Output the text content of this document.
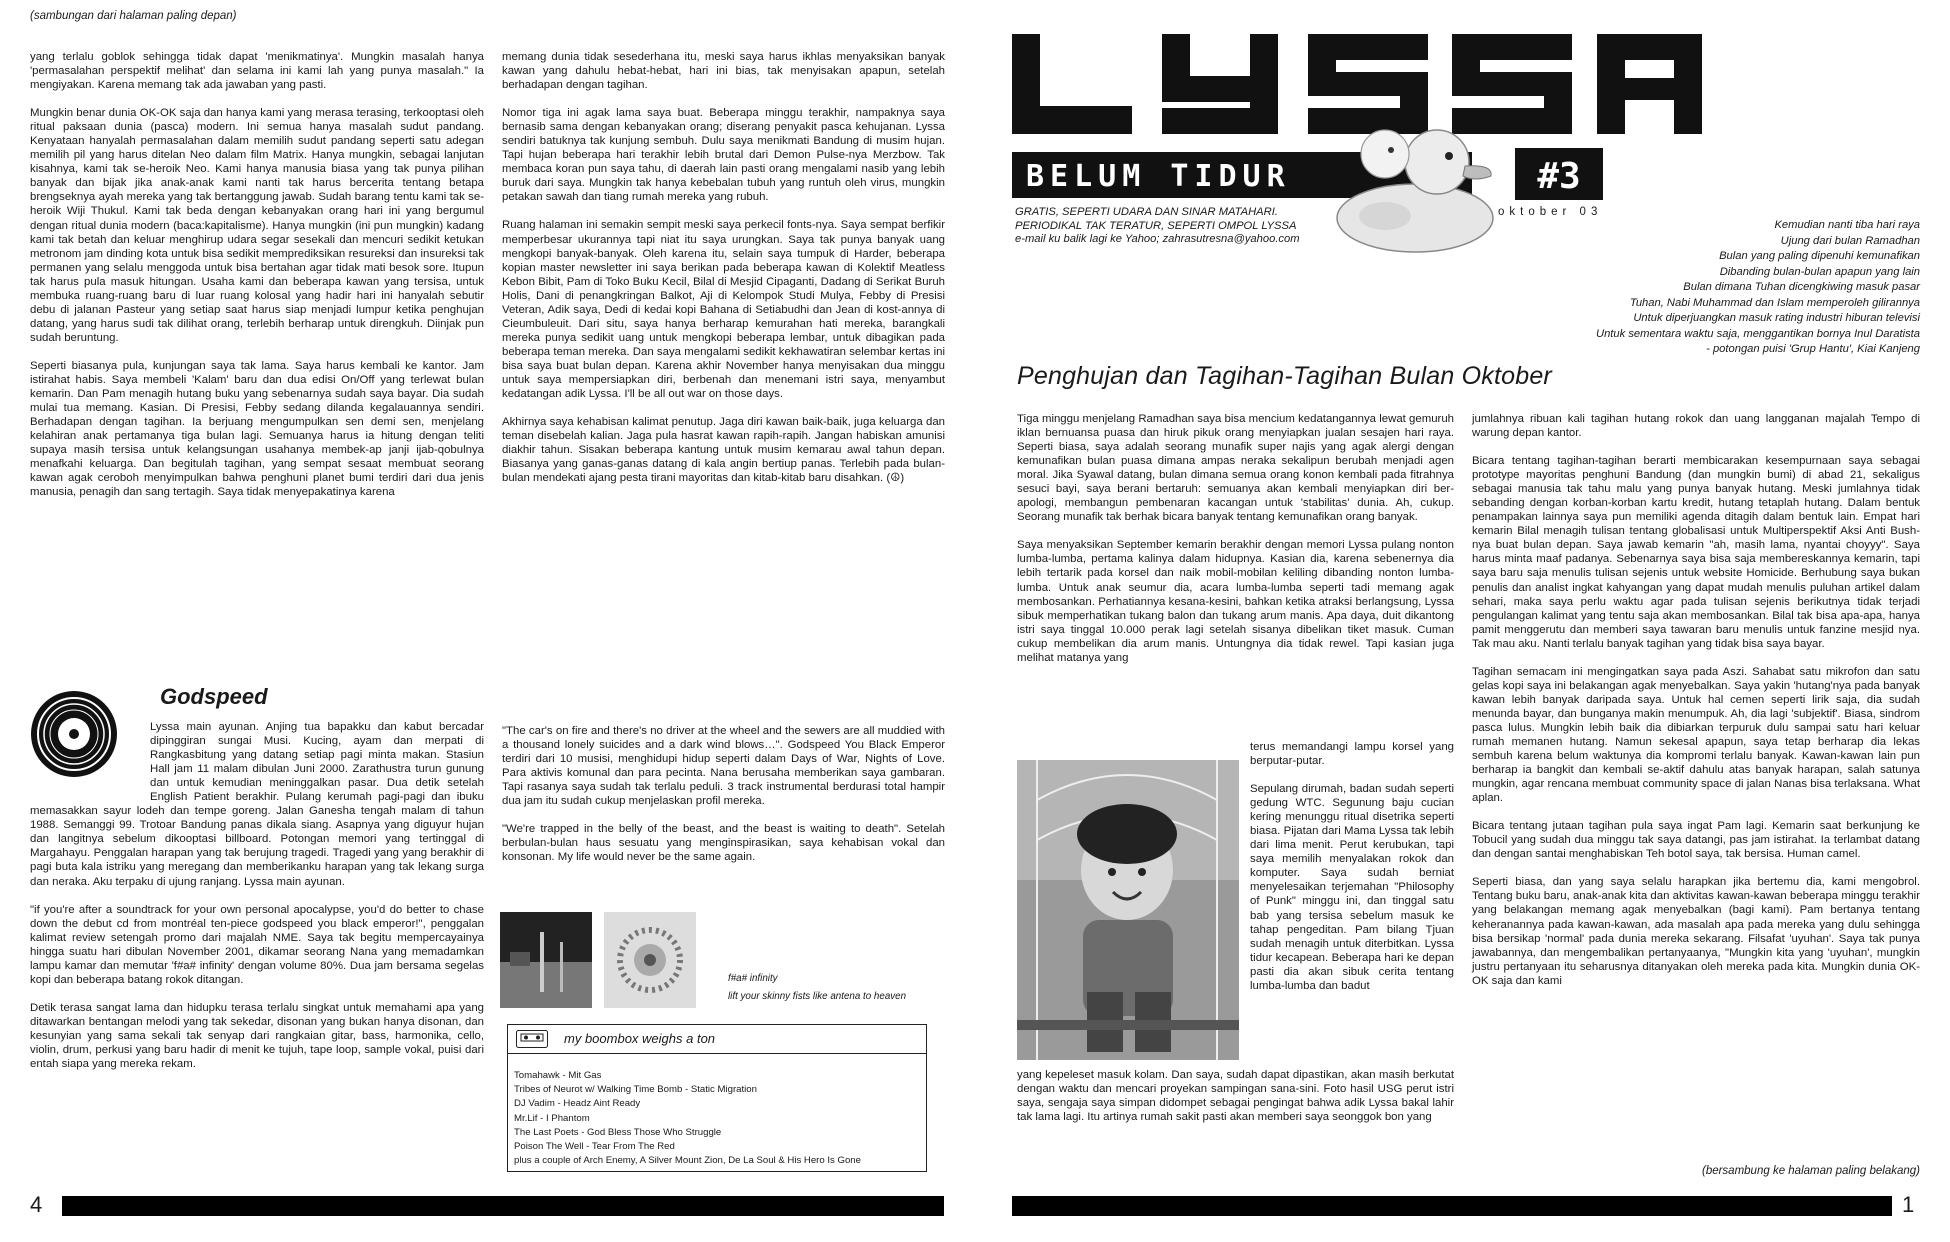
(sambungan dari halaman paling depan)

yang terlalu goblok sehingga tidak dapat 'menikmatinya'. Mungkin masalah hanya 'permasalahan perspektif melihat' dan selama ini kami lah yang punya masalah." Ia mengiyakan. Karena memang tak ada jawaban yang pasti.

Mungkin benar dunia OK-OK saja dan hanya kami yang merasa terasing, terkooptasi oleh ritual paksaan dunia (pasca) modern. Ini semua hanya masalah sudut pandang. Kenyataan hanyalah permasalahan dalam memilih sudut pandang seperti satu adegan memilih pil yang harus ditelan Neo dalam film Matrix. Hanya mungkin, sebagai lanjutan kisahnya, kami tak se-heroik Neo. Kami hanya manusia biasa yang tak punya pilihan banyak dan bijak jika anak-anak kami nanti tak harus bercerita tentang betapa brengseknya ayah mereka yang tak bertanggung jawab. Sudah barang tentu kami tak se-heroik Wiji Thukul. Kami tak beda dengan kebanyakan orang hari ini yang bergumul dengan ritual dunia modern (baca:kapitalisme). Hanya mungkin (ini pun mungkin) kadang kami tak betah dan keluar menghirup udara segar sesekali dan mencuri sedikit ketukan metronom jam dinding kota untuk bisa sedikit memprediksikan resureksi dan insureksi tak permanen yang selalu menggoda untuk bisa bertahan agar tidak mati besok sore. Itupun tak harus pula masuk hitungan. Usaha kami dan beberapa kawan yang tersisa, untuk membuka ruang-ruang baru di luar ruang kolosal yang hadir hari ini hanyalah sebutir debu di jalanan Pasteur yang setiap saat harus siap menjadi lumpur ketika penghujan datang, yang harus sudi tak dilihat orang, terlebih berharap untuk direngkuh. Diinjak pun sudah beruntung.

Seperti biasanya pula, kunjungan saya tak lama. Saya harus kembali ke kantor. Jam istirahat habis. Saya membeli 'Kalam' baru dan dua edisi On/Off yang terlewat bulan kemarin. Dan Pam menagih hutang buku yang sebenarnya sudah saya bayar. Dia sudah mulai tua memang. Kasian. Di Presisi, Febby sedang dilanda kegalauannya sendiri. Berhadapan dengan tagihan. Ia berjuang mengumpulkan sen demi sen, menjelang kelahiran anak pertamanya tiga bulan lagi. Semuanya harus ia hitung dengan teliti supaya masih tersisa untuk kelangsungan usahanya membek-ap janji ijab-qobulnya menafkahi keluarga. Dan begitulah tagihan, yang sempat sesaat membuat seorang kawan agak ceroboh menyimpulkan bahwa penghuni planet bumi terdiri dari dua jenis manusia, penagih dan sang tertagih. Saya tidak menyepakatinya karena

memang dunia tidak sesederhana itu, meski saya harus ikhlas menyaksikan banyak kawan yang dahulu hebat-hebat, hari ini bias, tak menyisakan apapun, setelah berhadapan dengan tagihan.

Nomor tiga ini agak lama saya buat. Beberapa minggu terakhir, nampaknya saya bernasib sama dengan kebanyakan orang; diserang penyakit pasca kehujanan. Lyssa sendiri batuknya tak kunjung sembuh. Dulu saya menikmati Bandung di musim hujan. Tapi hujan beberapa hari terakhir lebih brutal dari Demon Pulse-nya Merzbow. Tak membaca koran pun saya tahu, di daerah lain pasti orang mengalami nasib yang lebih buruk dari saya. Mungkin tak hanya kebebalan tubuh yang runtuh oleh virus, mungkin petakan sawah dan tiang rumah mereka yang rubuh.

Ruang halaman ini semakin sempit meski saya perkecil fonts-nya. Saya sempat berfikir memperbesar ukurannya tapi niat itu saya urungkan. Saya tak punya banyak uang mengkopi banyak-banyak. Oleh karena itu, selain saya tumpuk di Harder, beberapa kopian master newsletter ini saya berikan pada beberapa kawan di Kolektif Meatless Kebon Bibit, Pam di Toko Buku Kecil, Bilal di Mesjid Cipaganti, Dadang di Serikat Buruh Holis, Dani di penangkringan Balkot, Aji di Kelompok Studi Mulya, Febby di Presisi Veteran, Adik saya, Dedi di kedai kopi Bahana di Setiabudhi dan Jean di kost-annya di Cieumbuleuit. Dari situ, saya hanya berharap kemurahan hati mereka, barangkali mereka punya sedikit uang untuk mengkopi beberapa lembar, untuk dibagikan pada beberapa teman mereka. Dan saya mengalami sedikit kekhawatiran selembar kertas ini bisa saya buat bulan depan. Karena akhir November hanya menyisakan dua minggu untuk saya mempersiapkan diri, berbenah dan menemani istri saya, menyambut kedatangan adik Lyssa. I'll be all out war on those days.

Akhirnya saya kehabisan kalimat penutup. Jaga diri kawan baik-baik, juga keluarga dan teman disebelah kalian. Jaga pula hasrat kawan rapih-rapih. Jangan habiskan amunisi diakhir tahun. Sisakan beberapa kantung untuk musim kemarau awal tahun depan. Biasanya yang ganas-ganas datang di kala angin bertiup panas. Terlebih pada bulan-bulan mendekati ajang pesta tirani mayoritas dan kitab-kitab baru disahkan. (☮)

Godspeed

Lyssa main ayunan. Anjing tua bapakku dan kabut bercadar dipinggiran sungai Musi. Kucing, ayam dan merpati di Rangkasbitung yang datang setiap pagi minta makan. Stasiun Hall jam 11 malam dibulan Juni 2000. Zarathustra turun gunung dan untuk kemudian meninggalkan pasar. Dua detik setelah English Patient berakhir. Pulang kerumah pagi-pagi dan ibuku memasakkan sayur lodeh dan tempe goreng. Jalan Ganesha tengah malam di tahun 1988. Semanggi 99. Trotoar Bandung panas dikala siang. Asapnya yang diguyur hujan dan langitnya sebelum dikooptasi billboard. Potongan memori yang tertinggal di Margahayu. Penggalan harapan yang tak berujung tragedi. Tragedi yang yang berakhir di pagi buta kala istriku yang meregang dan memberikanku harapan yang tak lekang surga dan neraka. Aku terpaku di ujung ranjang. Lyssa main ayunan.

"if you're after a soundtrack for your own personal apocalypse, you'd do better to chase down the debut cd from montréal ten-piece godspeed you black emperor!", penggalan kalimat review setengah promo dari majalah NME. Saya tak begitu mempercayainya hingga suatu hari dibulan November 2001, dikamar seorang Nana yang memadamkan lampu kamar dan memutar 'f#a# infinity' dengan volume 80%. Dua jam bersama segelas kopi dan beberapa batang rokok ditangan.

Detik terasa sangat lama dan hidupku terasa terlalu singkat untuk memahami apa yang ditawarkan bentangan melodi yang tak sekedar, disonan yang bukan hanya disonan, dan kesunyian yang sama sekali tak senyap dari rangkaian gitar, bass, harmonika, cello, violin, drum, perkusi yang baru hadir di menit ke tujuh, tape loop, sample vokal, puisi dari entah siapa yang mereka rekam.

"The car's on fire and there's no driver at the wheel and the sewers are all muddied with a thousand lonely suicides and a dark wind blows…". Godspeed You Black Emperor terdiri dari 10 musisi, menghidupi hidup seperti dalam Days of War, Nights of Love. Para aktivis komunal dan para pecinta. Nana berusaha memberikan saya gambaran. Tapi rasanya saya sudah tak terlalu peduli. 3 track instrumental berdurasi total hampir dua jam itu sudah cukup menjelaskan profil mereka.

"We're trapped in the belly of the beast, and the beast is waiting to death". Setelah berbulan-bulan haus sesuatu yang menginspirasikan, saya kehabisan vokal dan konsonan. My life would never be the same again.

f#a# infinity
lift your skinny fists like antena to heaven
my boombox weighs a ton
Tomahawk - Mit Gas
Tribes of Neurot w/ Walking Time Bomb - Static Migration
DJ Vadim - Headz Aint Ready
Mr.Lif - I Phantom
The Last Poets - God Bless Those Who Struggle
Poison The Well - Tear From The Red
plus a couple of Arch Enemy, A Silver Mount Zion, De La Soul & His Hero Is Gone
4
BELUM TIDUR	#3
GRATIS, SEPERTI UDARA DAN SINAR MATAHARI.
PERIODIKAL TAK TERATUR, SEPERTI OMPOL LYSSA
e-mail ku balik lagi ke Yahoo; zahrasutresna@yahoo.com
oktober 03
Kemudian nanti tiba hari raya
Ujung dari bulan Ramadhan
Bulan yang paling dipenuhi kemunafikan
Dibanding bulan-bulan apapun yang lain
Bulan dimana Tuhan dicengkiwing masuk pasar
Tuhan, Nabi Muhammad dan Islam memperoleh gilirannya
Untuk diperjuangkan masuk rating industri hiburan televisi
Untuk sementara waktu saja, menggantikan bornya Inul Daratista
- potongan puisi 'Grup Hantu', Kiai Kanjeng
Penghujan dan Tagihan-Tagihan Bulan Oktober

Tiga minggu menjelang Ramadhan saya bisa mencium kedatangannya lewat gemuruh iklan bernuansa puasa dan hiruk pikuk orang menyiapkan jualan sesajen hari raya. Seperti biasa, saya adalah seorang munafik super najis yang agak alergi dengan kemunafikan bulan puasa dimana ampas neraka sekalipun berubah menjadi agen moral. Jika Syawal datang, bulan dimana semua orang konon kembali pada fitrahnya sesuci bayi, saya berani bertaruh: semuanya akan kembali menyiapkan diri ber-apologi, membangun pembenaran kacangan untuk 'stabilitas' dunia. Ah, cukup. Seorang munafik tak berhak bicara banyak tentang kemunafikan orang banyak.

Saya menyaksikan September kemarin berakhir dengan memori Lyssa pulang nonton lumba-lumba, pertama kalinya dalam hidupnya. Kasian dia, karena sebenernya dia lebih tertarik pada korsel dan naik mobil-mobilan keliling dibanding nonton lumba-lumba. Untuk anak seumur dia, acara lumba-lumba seperti tadi memang agak membosankan. Perhatiannya kesana-kesini, bahkan ketika atraksi berlangsung, Lyssa sibuk memperhatikan tukang balon dan tukang arum manis. Apa daya, duit dikantong istri saya tinggal 10.000 perak lagi setelah sisanya dibelikan tiket masuk. Cuman cukup membelikan dia arum manis. Untungnya dia tidak rewel. Tapi kasian juga melihat matanya yang

terus memandangi lampu korsel yang berputar-putar.

Sepulang dirumah, badan sudah seperti gedung WTC. Segunung baju cucian kering menunggu ritual disetrika seperti biasa. Pijatan dari Mama Lyssa tak lebih dari lima menit. Perut kerubukan, tapi saya memilih menyalakan rokok dan komputer. Saya sudah berniat menyelesaikan terjemahan "Philosophy of Punk" minggu ini, dan tinggal satu bab yang tersisa sebelum masuk ke tahap pengeditan. Pam bilang Tjuan sudah menagih untuk diterbitkan. Lyssa tidur kecapean. Beberapa hari ke depan pasti dia akan sibuk cerita tentang lumba-lumba dan badut

yang kepeleset masuk kolam. Dan saya, sudah dapat dipastikan, akan masih berkutat dengan waktu dan mencari proyekan sampingan sana-sini. Foto hasil USG perut istri saya, sengaja saya simpan didompet sebagai pengingat bahwa adik Lyssa bakal lahir tak lama lagi. Itu artinya rumah sakit pasti akan memberi saya seonggok bon yang

jumlahnya ribuan kali tagihan hutang rokok dan uang langganan majalah Tempo di warung depan kantor.

Bicara tentang tagihan-tagihan berarti membicarakan kesempurnaan saya sebagai prototype mayoritas penghuni Bandung (dan mungkin bumi) di abad 21, sekaligus sebagai manusia tak tahu malu yang punya banyak hutang. Meski jumlahnya tidak sebanding dengan korban-korban kartu kredit, hutang tetaplah hutang. Dalam bentuk penampakan lainnya saya pun memiliki agenda ditagih dalam bentuk lain. Empat hari kemarin Bilal menagih tulisan tentang globalisasi untuk Multiperspektif Aksi Anti Bush-nya buat bulan depan. Saya jawab kemarin "ah, masih lama, nyantai choyyy". Saya harus minta maaf padanya. Sebenarnya saya bisa saja membereskannya kemarin, tapi saya baru saja menulis tulisan sejenis untuk website Homicide. Berhubung saya bukan penulis dan analist ingkat kahyangan yang dapat mudah menulis puluhan artikel dalam sehari, maka saya perlu waktu agar pada tulisan sejenis berikutnya tidak terjadi pengulangan kalimat yang tentu saja akan membosankan. Bilal tak bisa apa-apa, hanya pamit menggerutu dan memberi saya tawaran baru menulis untuk fanzine mesjid nya. Tak mau aku. Nanti terlalu banyak tagihan yang tidak bisa saya bayar.

Tagihan semacam ini mengingatkan saya pada Aszi. Sahabat satu mikrofon dan satu gelas kopi saya ini belakangan agak menyebalkan. Saya yakin 'hutang'nya pada banyak kawan lebih banyak daripada saya. Untuk hal cemen seperti lirik saja, dia sudah menunda bayar, dan bunganya makin menumpuk. Ah, dia lagi 'subjektif'. Biasa, sindrom pasca lulus. Mungkin lebih baik dia dibiarkan terpuruk dulu sampai satu hari keluar rumah memanen hutang. Namun sekesal apapun, saya tetap berharap dia lekas sembuh karena belum waktunya dia kompromi terlalu banyak. Kawan-kawan lain pun berharap ia bangkit dan kembali se-aktif dahulu atas banyak harapan, salah satunya mungkin, agar rencana membuat community space di jalan Nanas bisa terlaksana. What aplan.

Bicara tentang jutaan tagihan pula saya ingat Pam lagi. Kemarin saat berkunjung ke Tobucil yang sudah dua minggu tak saya datangi, pas jam istirahat. Ia terlambat datang dan dengan santai menghabiskan Teh botol saya, tak bersisa. Human camel.

Seperti biasa, dan yang saya selalu harapkan jika bertemu dia, kami mengobrol. Tentang buku baru, anak-anak kita dan aktivitas kawan-kawan beberapa minggu terakhir yang belakangan memang agak menyebalkan (bagi kami). Pam bertanya tentang keheranannya pada kawan-kawan, ada masalah apa pada mereka yang dulu sehingga bisa bersikap 'normal' pada dunia mereka sekarang. Filsafat 'uyuhan'. Saya tak punya jawabannya, dan mengembalikan pertanyaanya, "Mungkin kita yang 'uyuhan', mungkin justru pertanyaan itu seharusnya ditanyakan oleh mereka pada kita. Mungkin dunia OK-OK saja dan kami

(bersambung ke halaman paling belakang)
1
